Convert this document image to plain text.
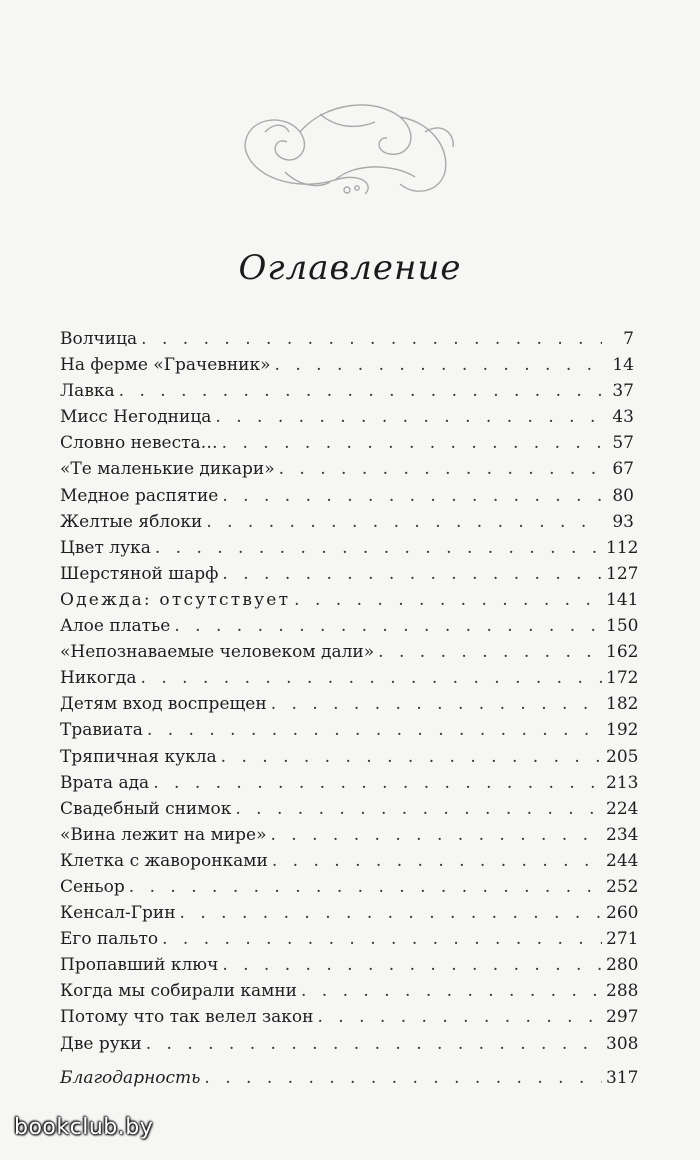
Оглавление
Волчица . . .	7
На ферме «Грачевник» . . .	14
Лавка . . .	37
Мисс Негодница . . .	43
Словно невеста… . . .	57
«Те маленькие дикари» . . .	67
Медное распятие . . .	80
Желтые яблоки . . .	93
Цвет лука . . .	112
Шерстяной шарф . . .	127
Одежда: отсутствует . . .	141
Алое платье . . .	150
«Непознаваемые человеком дали» . . .	162
Никогда . . .	172
Детям вход воспрещен . . .	182
Травиата . . .	192
Тряпичная кукла . . .	205
Врата ада . . .	213
Свадебный снимок . . .	224
«Вина лежит на мире» . . .	234
Клетка с жаворонками . . .	244
Сеньор . . .	252
Кенсал-Грин . . .	260
Его пальто . . .	271
Пропавший ключ . . .	280
Когда мы собирали камни . . .	288
Потому что так велел закон . . .	297
Две руки . . .	308
Благодарность . . .	317
bookclub.by
